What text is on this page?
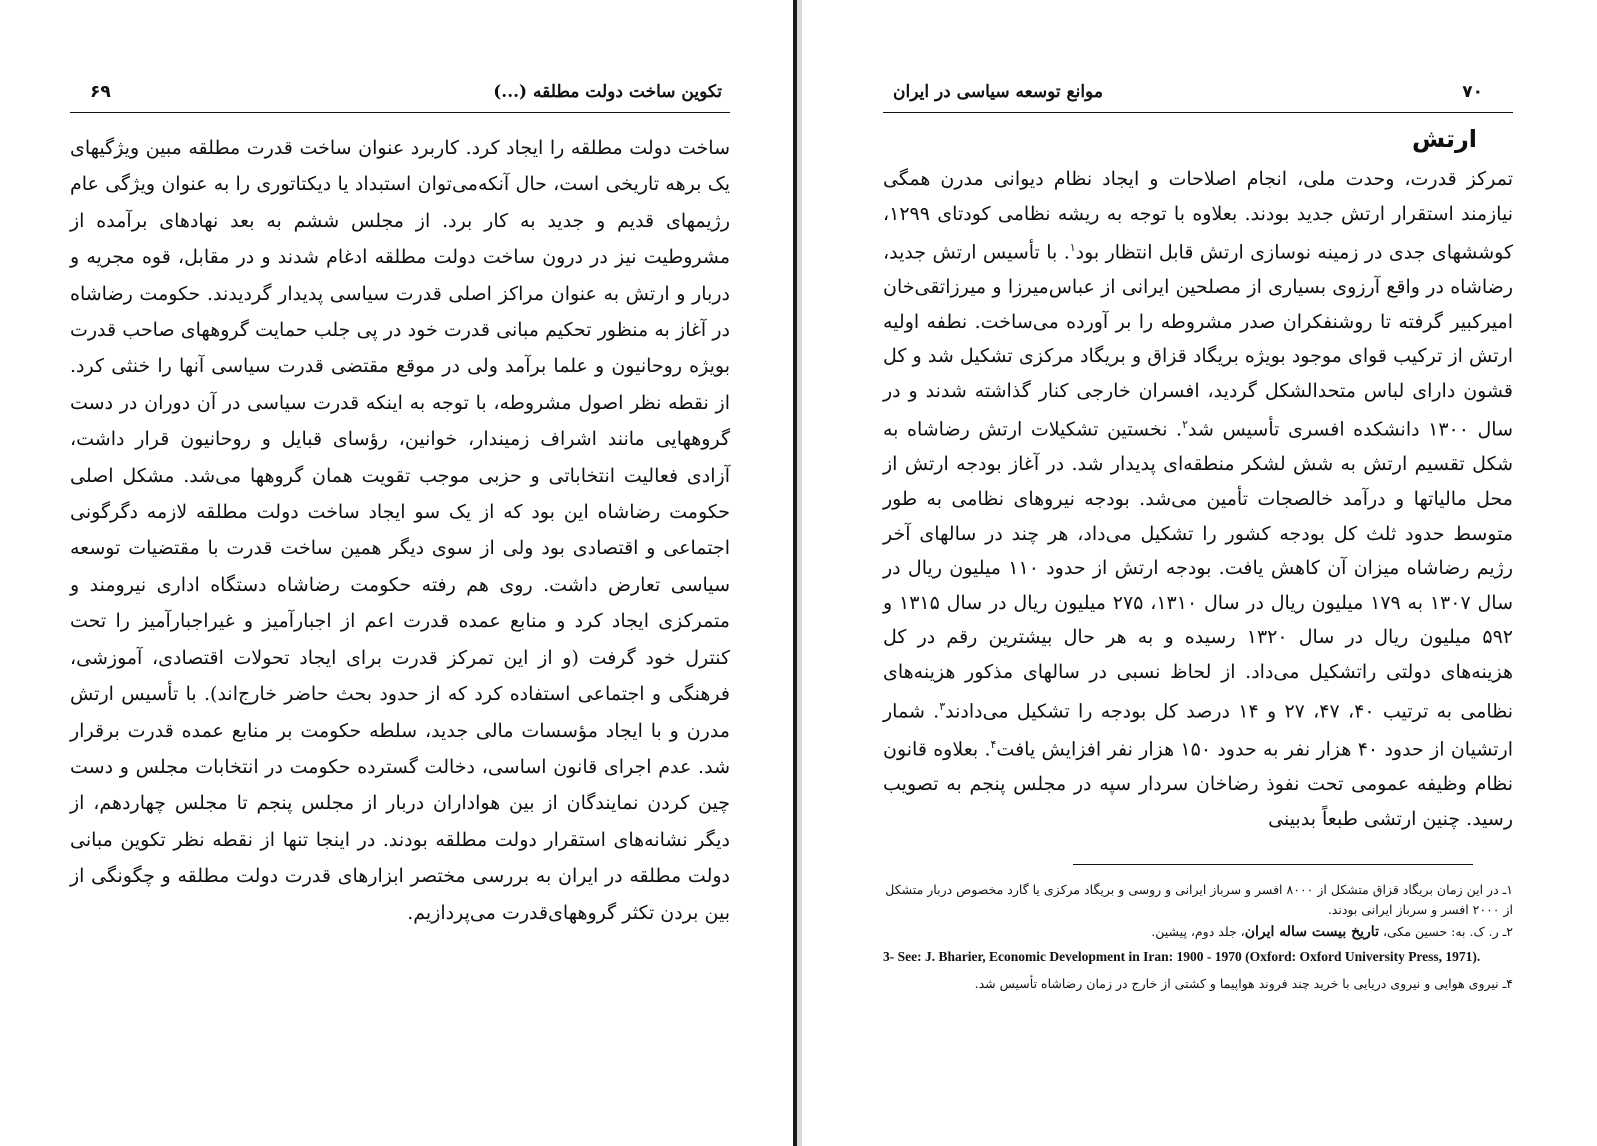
تکوین ساخت دولت مطلقه (...)
۶۹
ساخت دولت مطلقه را ایجاد کرد. کاربرد عنوان ساخت قدرت مطلقه مبین ویژگیهای یک برهه تاریخی است، حال آنکه‌می‌توان استبداد یا دیکتاتوری را به عنوان ویژگی عام رژیمهای قدیم و جدید به کار برد. از مجلس ششم به بعد نهادهای برآمده از مشروطیت نیز در درون ساخت دولت مطلقه ادغام شدند و در مقابل، قوه مجریه و دربار و ارتش به عنوان مراکز اصلی قدرت سیاسی پدیدار گردیدند. حکومت رضاشاه در آغاز به منظور تحکیم مبانی قدرت خود در پی جلب حمایت گروههای صاحب قدرت بویژه روحانیون و علما برآمد ولی در موقع مقتضی قدرت سیاسی آنها را خنثی کرد. از نقطه نظر اصول مشروطه، با توجه به اینکه قدرت سیاسی در آن دوران در دست گروههایی مانند اشراف زمیندار، خوانین، رؤسای قبایل و روحانیون قرار داشت، آزادی فعالیت انتخاباتی و حزبی موجب تقویت همان گروهها می‌شد. مشکل اصلی حکومت رضاشاه این بود که از یک سو ایجاد ساخت دولت مطلقه لازمه دگرگونی اجتماعی و اقتصادی بود ولی از سوی دیگر همین ساخت قدرت با مقتضیات توسعه سیاسی تعارض داشت. روی هم رفته حکومت رضاشاه دستگاه اداری نیرومند و متمرکزی ایجاد کرد و منابع عمده قدرت اعم از اجبارآمیز و غیراجبارآمیز را تحت کنترل خود گرفت (و از این تمرکز قدرت برای ایجاد تحولات اقتصادی، آموزشی، فرهنگی و اجتماعی استفاده کرد که از حدود بحث حاضر خارج‌اند). با تأسیس ارتش مدرن و با ایجاد مؤسسات مالی جدید، سلطه حکومت بر منابع عمده قدرت برقرار شد. عدم اجرای قانون اساسی، دخالت گسترده حکومت در انتخابات مجلس و دست چین کردن نمایندگان از بین هواداران دربار از مجلس پنجم تا مجلس چهاردهم، از دیگر نشانه‌های استقرار دولت مطلقه بودند. در اینجا تنها از نقطه نظر تکوین مبانی دولت مطلقه در ایران به بررسی مختصر ابزارهای قدرت دولت مطلقه و چگونگی از بین بردن تکثر گروههای‌قدرت می‌پردازیم.
موانع توسعه سیاسی در ایران	۷۰
ارتش
تمرکز قدرت، وحدت ملی، انجام اصلاحات و ایجاد نظام دیوانی مدرن همگی نیازمند استقرار ارتش جدید بودند. بعلاوه با توجه به ریشه نظامی کودتای ۱۲۹۹، کوششهای جدی در زمینه نوسازی ارتش قابل انتظار بود$^۱$. با تأسیس ارتش جدید، رضاشاه در واقع آرزوی بسیاری از مصلحین ایرانی از عباس‌میرزا و میرزاتقی‌خان امیرکبیر گرفته تا روشنفکران صدر مشروطه را بر آورده می‌ساخت. نطفه اولیه ارتش از ترکیب قوای موجود بویژه بریگاد قزاق و بریگاد مرکزی تشکیل شد و کل قشون دارای لباس متحدالشکل گردید، افسران خارجی کنار گذاشته شدند و در سال ۱۳۰۰ دانشکده افسری تأسیس شد$^۲$. نخستین تشکیلات ارتش رضاشاه به شکل تقسیم ارتش به شش لشکر منطقه‌ای پدیدار شد. در آغاز بودجه ارتش از محل مالیاتها و درآمد خالصجات تأمین می‌شد. بودجه نیروهای نظامی به طور متوسط حدود ثلث کل بودجه کشور را تشکیل می‌داد، هر چند در سالهای آخر رژیم رضاشاه میزان آن کاهش یافت. بودجه ارتش از حدود ۱۱۰ میلیون ریال در سال ۱۳۰۷ به ۱۷۹ میلیون ریال در سال ۱۳۱۰، ۲۷۵ میلیون ریال در سال ۱۳۱۵ و ۵۹۲ میلیون ریال در سال ۱۳۲۰ رسیده و به هر حال بیشترین رقم در کل هزینه‌های دولتی راتشکیل می‌داد. از لحاظ نسبی در سالهای مذکور هزینه‌های نظامی به ترتیب ۴۰، ۴۷، ۲۷ و ۱۴ درصد کل بودجه را تشکیل می‌دادند$^۳$. شمار ارتشیان از حدود ۴۰ هزار نفر به حدود ۱۵۰ هزار نفر افزایش یافت$^۴$. بعلاوه قانون نظام وظیفه عمومی تحت نفوذ رضاخان سردار سپه در مجلس پنجم به تصویب رسید. چنین ارتشی طبعاً بدبینی
۱ـ در این زمان بریگاد قزاق متشکل از ۸۰۰۰ افسر و سرباز ایرانی و روسی و بریگاد مرکزی یا گارد مخصوص دربار متشکل از ۲۰۰۰ افسر و سرباز ایرانی بودند.
۲ـ ر. ک. به: حسین مکی، تاریخ بیست ساله ایران، جلد دوم، پیشین.
3- See: J. Bharier, Economic Development in Iran: 1900 - 1970 (Oxford: Oxford University Press, 1971).
۴ـ نیروی هوایی و نیروی دریایی با خرید چند فروند هواپیما و کشتی از خارج در زمان رضاشاه تأسیس شد.
